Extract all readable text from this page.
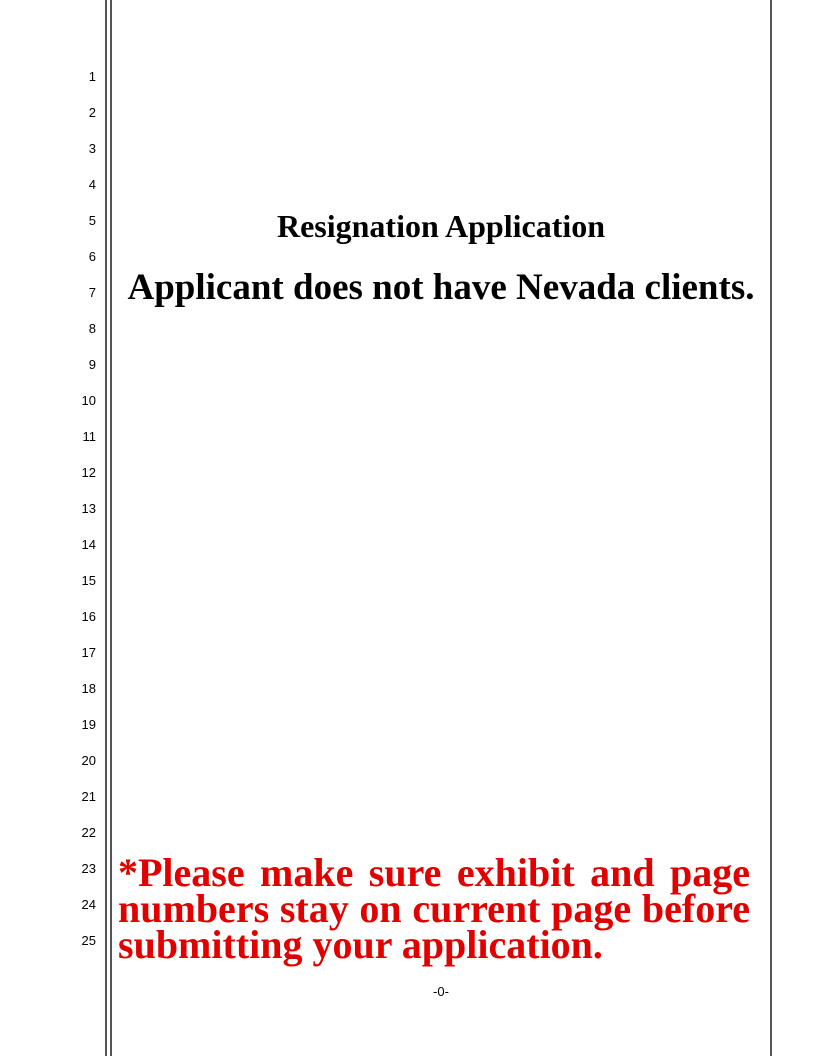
1
2
3
4
5
6
7
8
9
10
11
12
13
14
15
16
17
18
19
20
21
22
23
24
25
Resignation Application
Applicant does not have Nevada clients.
*Please make sure exhibit and page numbers stay on current page before submitting your application.
-0-
